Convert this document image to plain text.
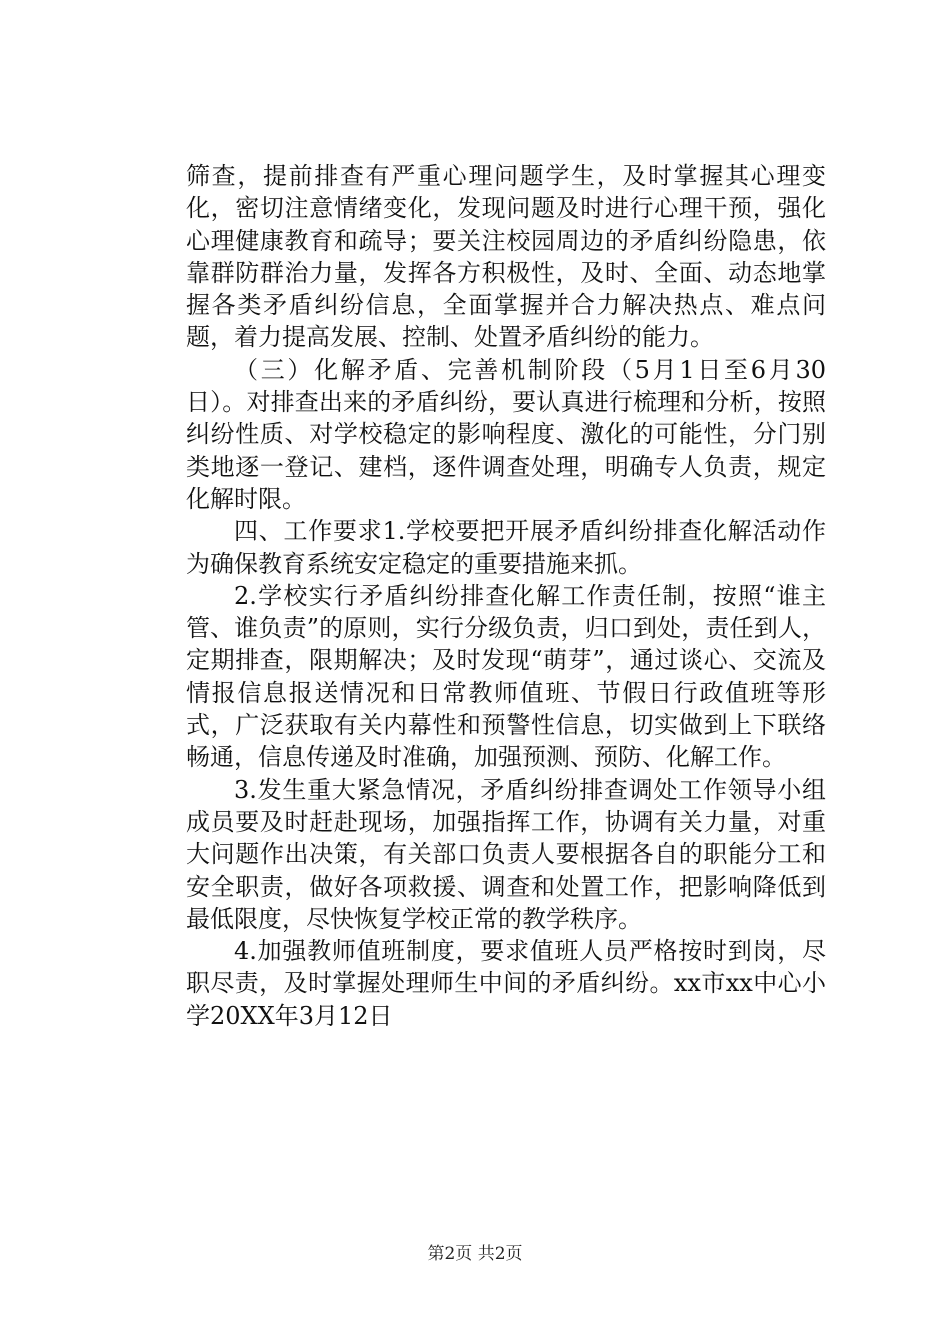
筛查，提前排查有严重心理问题学生，及时掌握其心理变化，密切注意情绪变化，发现问题及时进行心理干预，强化心理健康教育和疏导；要关注校园周边的矛盾纠纷隐患，依靠群防群治力量，发挥各方积极性，及时、全面、动态地掌握各类矛盾纠纷信息，全面掌握并合力解决热点、难点问题，着力提高发展、控制、处置矛盾纠纷的能力。

（三）化解矛盾、完善机制阶段（5月1日至6月30日）。对排查出来的矛盾纠纷，要认真进行梳理和分析，按照纠纷性质、对学校稳定的影响程度、激化的可能性，分门别类地逐一登记、建档，逐件调查处理，明确专人负责，规定化解时限。

四、工作要求1.学校要把开展矛盾纠纷排查化解活动作为确保教育系统安定稳定的重要措施来抓。

2.学校实行矛盾纠纷排查化解工作责任制，按照“谁主管、谁负责”的原则，实行分级负责，归口到处，责任到人，定期排查，限期解决；及时发现“萌芽”，通过谈心、交流及情报信息报送情况和日常教师值班、节假日行政值班等形式，广泛获取有关内幕性和预警性信息，切实做到上下联络畅通，信息传递及时准确，加强预测、预防、化解工作。

3.发生重大紧急情况，矛盾纠纷排查调处工作领导小组成员要及时赶赴现场，加强指挥工作，协调有关力量，对重大问题作出决策，有关部口负责人要根据各自的职能分工和安全职责，做好各项救援、调查和处置工作，把影响降低到最低限度，尽快恢复学校正常的教学秩序。

4.加强教师值班制度，要求值班人员严格按时到岗，尽职尽责，及时掌握处理师生中间的矛盾纠纷。xx市xx中心小学20XX年3月12日

第2页 共2页
